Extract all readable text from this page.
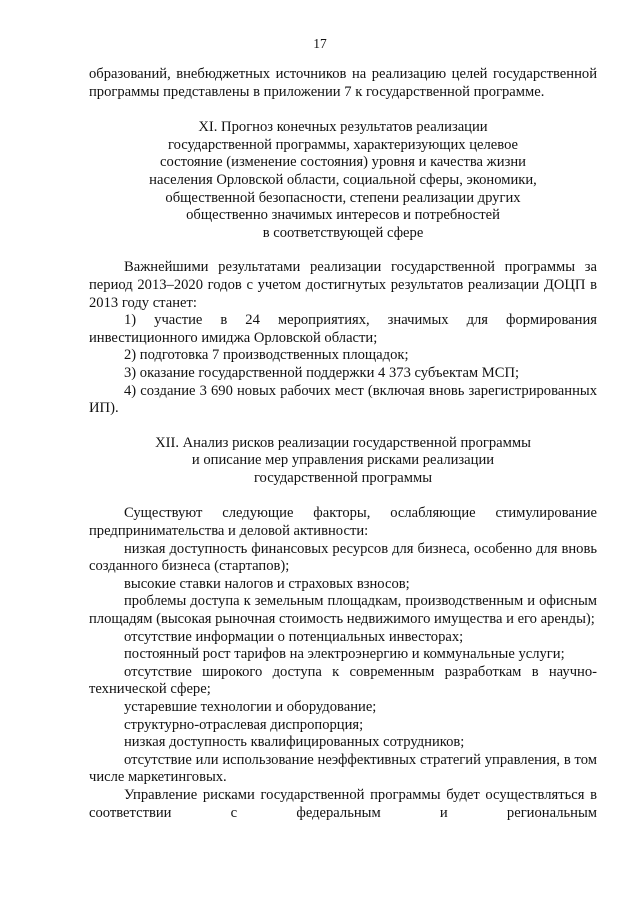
17

образований, внебюджетных источников на реализацию целей государственной

программы представлены в приложении 7 к государственной программе.

XI. Прогноз конечных результатов реализации

государственной программы, характеризующих целевое

состояние (изменение состояния) уровня и качества жизни

населения Орловской области, социальной сферы, экономики,

общественной безопасности, степени реализации других

общественно значимых интересов и потребностей

в соответствующей сфере

Важнейшими результатами реализации государственной программы за период 2013–2020 годов с учетом достигнутых результатов реализации ДОЦП в 2013 году станет:

1) участие в 24 мероприятиях, значимых для формирования инвестиционного имиджа Орловской области;

2) подготовка 7 производственных площадок;

3) оказание государственной поддержки 4 373 субъектам МСП;

4) создание 3 690 новых рабочих мест (включая вновь зарегистрированных ИП).

XII. Анализ рисков реализации государственной программы

и описание мер управления рисками реализации

государственной программы

Существуют следующие факторы, ослабляющие стимулирование предпринимательства и деловой активности:

низкая доступность финансовых ресурсов для бизнеса, особенно для вновь созданного бизнеса (стартапов);

высокие ставки налогов и страховых взносов;

проблемы доступа к земельным площадкам, производственным и офисным площадям (высокая рыночная стоимость недвижимого имущества и его аренды);

отсутствие информации о потенциальных инвесторах;

постоянный рост тарифов на электроэнергию и коммунальные услуги;

отсутствие широкого доступа к современным разработкам в научно-технической сфере;

устаревшие технологии и оборудование;

структурно-отраслевая диспропорция;

низкая доступность квалифицированных сотрудников;

отсутствие или использование неэффективных стратегий управления, в том числе маркетинговых.

Управление рисками государственной программы будет осуществляться в соответствии с федеральным и региональным
